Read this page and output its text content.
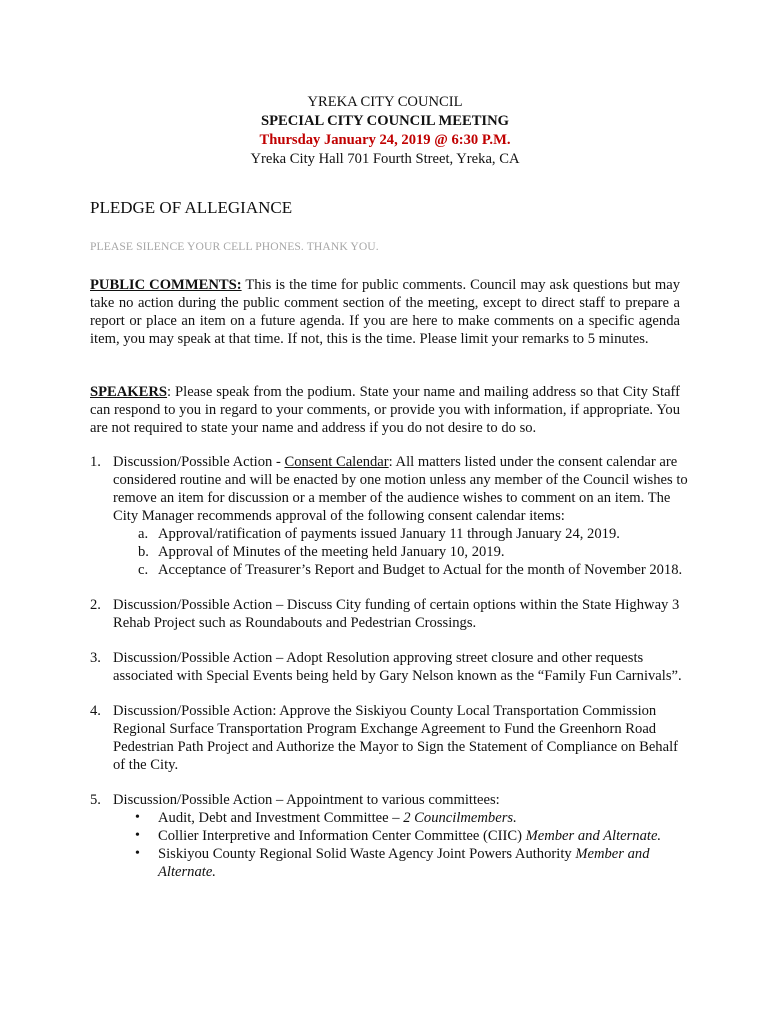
YREKA CITY COUNCIL
SPECIAL CITY COUNCIL MEETING
Thursday January 24, 2019 @ 6:30 P.M.
Yreka City Hall 701 Fourth Street, Yreka, CA
PLEDGE OF ALLEGIANCE
PLEASE SILENCE YOUR CELL PHONES. THANK YOU.
PUBLIC COMMENTS: This is the time for public comments. Council may ask questions but may take no action during the public comment section of the meeting, except to direct staff to prepare a report or place an item on a future agenda. If you are here to make comments on a specific agenda item, you may speak at that time. If not, this is the time. Please limit your remarks to 5 minutes.
SPEAKERS: Please speak from the podium. State your name and mailing address so that City Staff can respond to you in regard to your comments, or provide you with information, if appropriate. You are not required to state your name and address if you do not desire to do so.
1. Discussion/Possible Action - Consent Calendar: All matters listed under the consent calendar are considered routine and will be enacted by one motion unless any member of the Council wishes to remove an item for discussion or a member of the audience wishes to comment on an item. The City Manager recommends approval of the following consent calendar items:
a. Approval/ratification of payments issued January 11 through January 24, 2019.
b. Approval of Minutes of the meeting held January 10, 2019.
c. Acceptance of Treasurer’s Report and Budget to Actual for the month of November 2018.
2. Discussion/Possible Action – Discuss City funding of certain options within the State Highway 3 Rehab Project such as Roundabouts and Pedestrian Crossings.
3. Discussion/Possible Action – Adopt Resolution approving street closure and other requests associated with Special Events being held by Gary Nelson known as the “Family Fun Carnivals”.
4. Discussion/Possible Action: Approve the Siskiyou County Local Transportation Commission Regional Surface Transportation Program Exchange Agreement to Fund the Greenhorn Road Pedestrian Path Project and Authorize the Mayor to Sign the Statement of Compliance on Behalf of the City.
5. Discussion/Possible Action – Appointment to various committees:
• Audit, Debt and Investment Committee – 2 Councilmembers.
• Collier Interpretive and Information Center Committee (CIIC) Member and Alternate.
• Siskiyou County Regional Solid Waste Agency Joint Powers Authority Member and Alternate.
